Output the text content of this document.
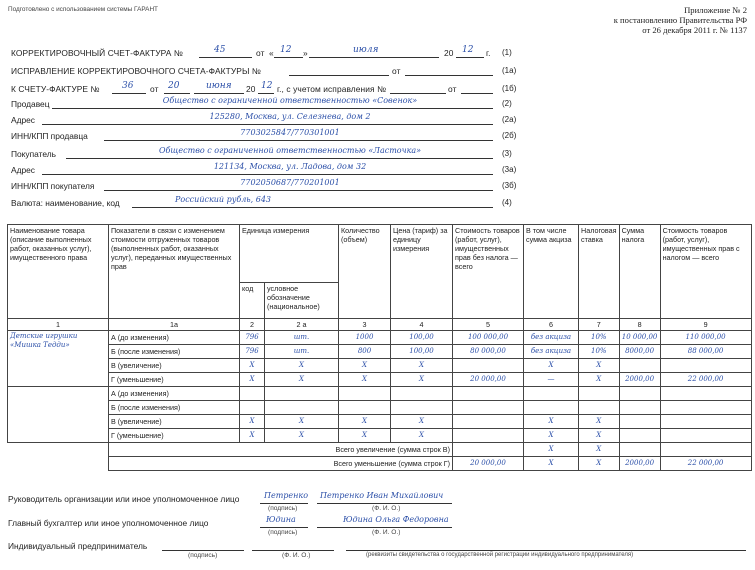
Подготовлено с использованием системы ГАРАНТ	Приложение № 2
к постановлению Правительства РФ
от 26 декабря 2011 г. № 1137
КОРРЕКТИРОВОЧНЫЙ СЧЕТ-ФАКТУРА №	45	от « 12 »	июля	20 12 г. (1)
ИСПРАВЛЕНИЕ КОРРЕКТИРОВОЧНОГО СЧЕТА-ФАКТУРЫ №	от	(1а)
К СЧЕТУ-ФАКТУРЕ № 36 от 20	июня 20 12 г., с учетом исправления №	от	(1б)
Продавец	Общество с ограниченной ответственностью «Совенок»	(2)
Адрес	125280, Москва, ул. Селезнева, дом 2	(2а)
ИНН/КПП продавца	7703025847/770301001	(2б)
Покупатель	Общество с ограниченной ответственностью «Ласточка»	(3)
Адрес	121134, Москва, ул. Ладова, дом 32	(3а)
ИНН/КПП покупателя	7702050687/770201001	(3б)
Валюта: наименование, код	Российский рубль, 643	(4)
Наименование товара (описание выполненных работ, оказанных услуг), имущественного права	Показатели в связи с изменением стоимости отгруженных товаров (выполненных работ, оказанных услуг), переданных имущественных прав	Единица измерения		Количество (объем)	Цена (тариф) за единицу измерения	Стоимость товаров (работ, услуг), имущественных прав без налога — всего	В том числе сумма акциза	Налоговая ставка	Сумма налога	Стоимость товаров (работ, услуг), имущественных прав с налогом — всего
		код	условное обозначение (национальное)							
1	1а	2	2 а	3	4	5	6	7	8	9
Детские игрушки «Мишка Тедди»	А (до изменения)	796	шт.	1000	100,00	100 000,00	без акциза	10%	10 000,00	110 000,00
	Б (после изменения)	796	шт.	800	100,00	80 000,00	без акциза	10%	8000,00	88 000,00
	В (увеличение)	Х	Х	Х	Х		Х	Х		
	Г (уменьшение)	Х	Х	Х	Х	20 000,00	—	Х	2000,00	22 000,00
	А (до изменения)									
	Б (после изменения)									
	В (увеличение)	Х	Х	Х	Х		Х	Х		
	Г (уменьшение)	Х	Х	Х	Х		Х	Х		
	Всего увеличение (сумма строк В)						Х	Х		
	Всего уменьшение (сумма строк Г)					20 000,00	Х	Х	2000,00	22 000,00
Руководитель организации или иное уполномоченное лицо	Петренко
(подпись)
Петренко Иван Михайлович
(Ф. И. О.)
Главный бухгалтер или иное уполномоченное лицо	Юдина
(подпись)
Юдина Ольга Федоровна
(Ф. И. О.)
Индивидуальный предприниматель
(подпись)	(Ф. И. О.)	(реквизиты свидетельства о государственной регистрации индивидуального предпринимателя)
